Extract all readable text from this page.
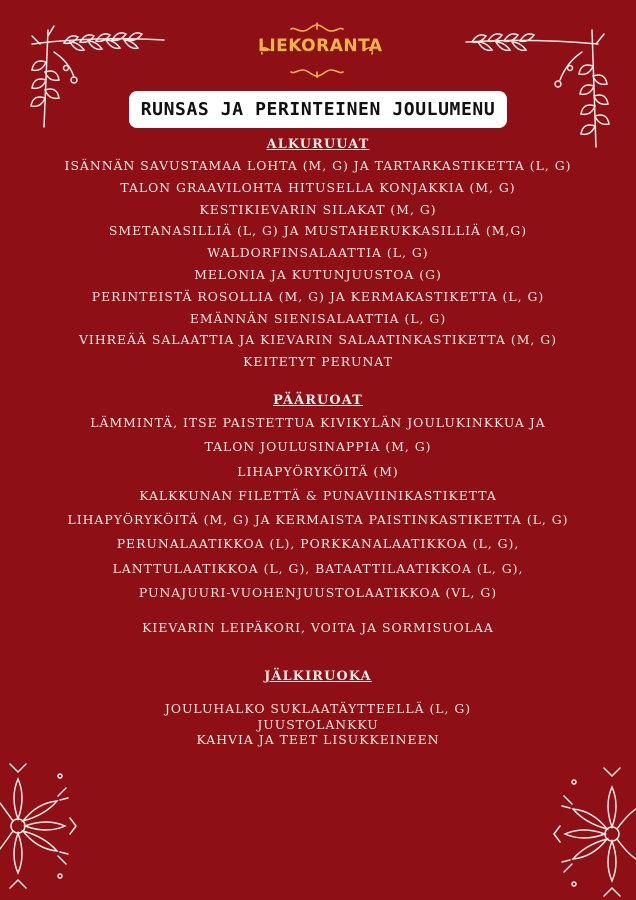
LIEKORANTA
RUNSAS JA PERINTEINEN JOULUMENU
ALKURUUAT
ISÄNNÄN SAVUSTAMAA LOHTA (M, G) JA TARTARKASTIKETTA (L, G)
TALON GRAAVILOHTA HITUSELLA KONJAKKIA (M, G)
KESTIKIEVARIN SILAKAT (M, G)
SMETANASILLIÄ (L, G) JA MUSTAHERUKKASILLIÄ (M,G)
WALDORFINSALAATTIA (L, G)
MELONIA JA KUTUNJUUSTOA (G)
PERINTEISTÄ ROSOLLIA (M, G) JA KERMAKASTIKETTA (L, G)
EMÄNNÄN SIENISALAATTIA (L, G)
VIHREÄÄ SALAATTIA JA KIEVARIN SALAATINKASTIKETTA (M, G)
KEITETYT PERUNAT
PÄÄRUOAT
LÄMMINTÄ, ITSE PAISTETTUA KIVIKYLÄN JOULUKINKKUA JA
TALON JOULUSINAPPIA (M, G)
LIHAPYÖRYKÖITÄ (M)
KALKKUNAN FILETTÄ & PUNAVIINIKASTIKETTA
LIHAPYÖRYKÖITÄ (M, G) JA KERMAISTA PAISTINKASTIKETTA (L, G)
PERUNALAATIKKOA (L), PORKKANALAATIKKOA (L, G),
LANTTULAATIKKOA (L, G), BATAATTILAATIKKOA (L, G),
PUNAJUURI-VUOHENJUUSTOLAATIKKOA (VL, G)
KIEVARIN LEIPÄKORI, VOITA JA SORMISUOLAA
JÄLKIRUOKA
JOULUHALKO SUKLAATÄYTTEELLÄ (L, G)
JUUSTOLANKKU
KAHVIA JA TEET LISUKKEINEEN
